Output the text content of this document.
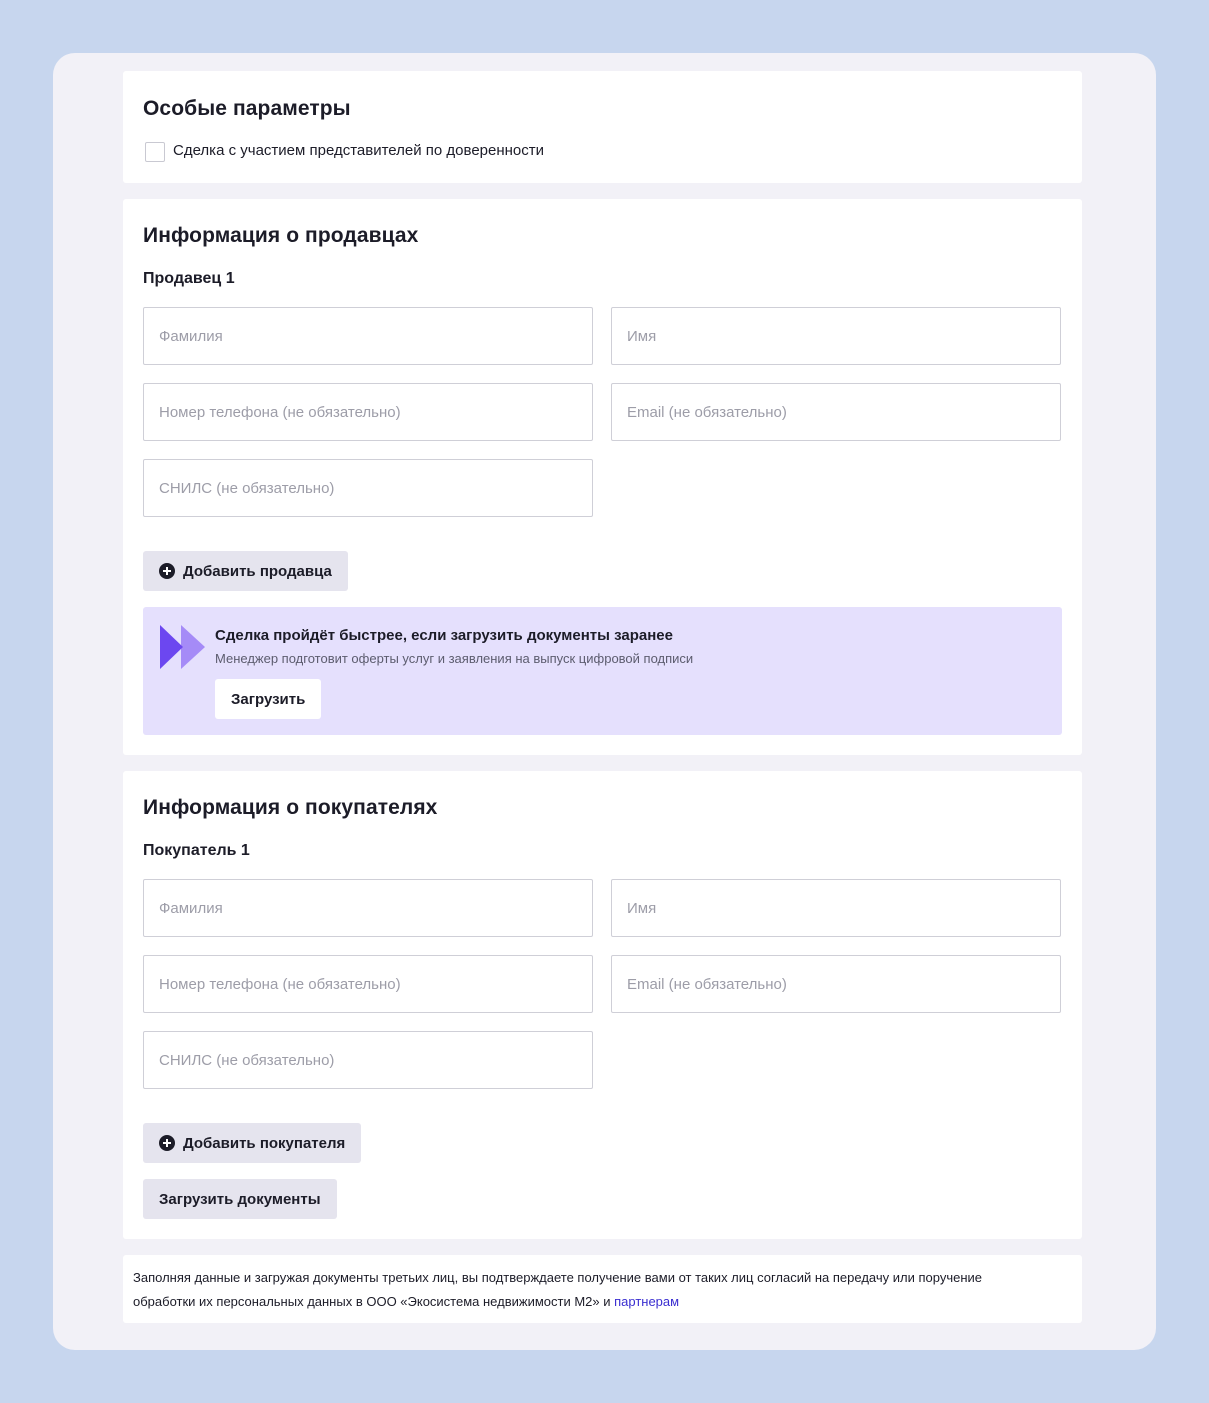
Особые параметры
Сделка с участием представителей по доверенности
Информация о продавцах
Продавец 1
Фамилия
Имя
Номер телефона (не обязательно)
Email (не обязательно)
СНИЛС (не обязательно)
Добавить продавца
Сделка пройдёт быстрее, если загрузить документы заранее
Менеджер подготовит оферты услуг и заявления на выпуск цифровой подписи
Загрузить
Информация о покупателях
Покупатель 1
Фамилия
Имя
Номер телефона (не обязательно)
Email (не обязательно)
СНИЛС (не обязательно)
Добавить покупателя
Загрузить документы
Заполняя данные и загружая документы третьих лиц, вы подтверждаете получение вами от таких лиц согласий на передачу или поручение
обработки их персональных данных в ООО «Экосистема недвижимости М2» и партнерам
